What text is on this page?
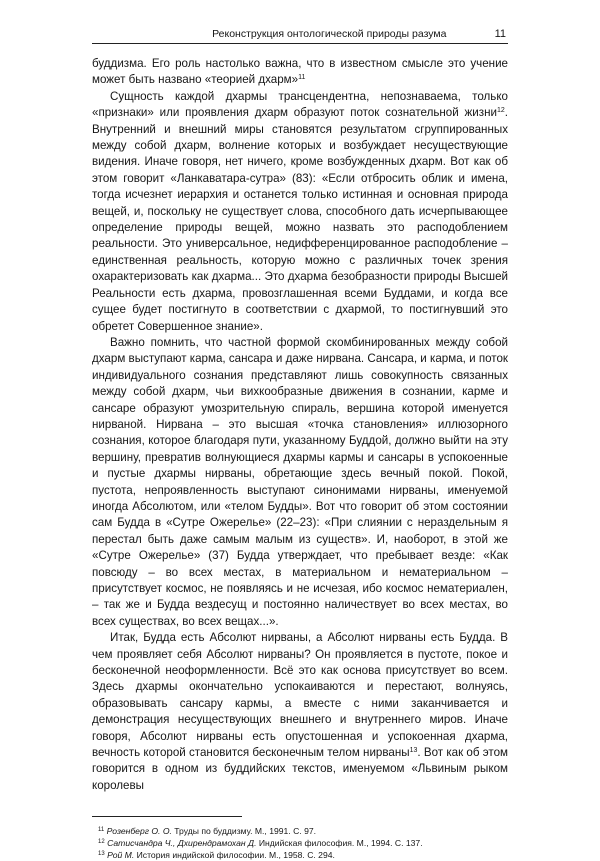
Реконструкция онтологической природы разума	11

буддизма. Его роль настолько важна, что в известном смысле это учение может быть названо «теорией дхарм»$^{11}$

Сущность каждой дхармы трансцендентна, непознаваема, только «признаки» или проявления дхарм образуют поток сознательной жизни$^{12}$. Внутренний и внешний миры становятся результатом сгруппированных между собой дхарм, волнение которых и возбуждает несуществующие видения. Иначе говоря, нет ничего, кроме возбужденных дхарм. Вот как об этом говорит «Ланкаватара-сутра» (83): «Если отбросить облик и имена, тогда исчезнет иерархия и останется только истинная и основная природа вещей, и, поскольку не существует слова, способного дать исчерпывающее определение природы вещей, можно назвать это расподоблением реальности. Это универсальное, недифференцированное расподобление – единственная реальность, которую можно с различных точек зрения охарактеризовать как дхарма... Это дхарма безобразности природы Высшей Реальности есть дхарма, провозглашенная всеми Буддами, и когда все сущее будет постигнуто в соответствии с дхармой, то постигнувший это обретет Совершенное знание».

Важно помнить, что частной формой скомбинированных между собой дхарм выступают карма, сансара и даже нирвана. Сансара, и карма, и поток индивидуального сознания представляют лишь совокупность связанных между собой дхарм, чьи вихкообразные движения в сознании, карме и сансаре образуют умозрительную спираль, вершина которой именуется нирваной. Нирвана – это высшая «точка становления» иллюзорного сознания, которое благодаря пути, указанному Буддой, должно выйти на эту вершину, превратив волнующиеся дхармы кармы и сансары в успокоенные и пустые дхармы нирваны, обретающие здесь вечный покой. Покой, пустота, непроявленность выступают синонимами нирваны, именуемой иногда Абсолютом, или «телом Будды». Вот что говорит об этом состоянии сам Будда в «Сутре Ожерелье» (22–23): «При слиянии с нераздельным я перестал быть даже самым малым из существ». И, наоборот, в этой же «Сутре Ожерелье» (37) Будда утверждает, что пребывает везде: «Как повсюду – во всех местах, в материальном и нематериальном – присутствует космос, не появляясь и не исчезая, ибо космос нематериален, – так же и Будда вездесущ и постоянно наличествует во всех местах, во всех существах, во всех вещах...».

Итак, Будда есть Абсолют нирваны, а Абсолют нирваны есть Будда. В чем проявляет себя Абсолют нирваны? Он проявляется в пустоте, покое и бесконечной неоформленности. Всё это как основа присутствует во всем. Здесь дхармы окончательно успокаиваются и перестают, волнуясь, образовывать сансару кармы, а вместе с ними заканчивается и демонстрация несуществующих внешнего и внутреннего миров. Иначе говоря, Абсолют нирваны есть опустошенная и успокоенная дхарма, вечность которой становится бесконечным телом нирваны$^{13}$. Вот как об этом говорится в одном из буддийских текстов, именуемом «Львиным рыком королевы

$^{11}$ Розенберг О. О. Труды по буддизму. М., 1991. С. 97.
$^{12}$ Сатисчандра Ч., Дхирендрамохан Д. Индийская философия. М., 1994. С. 137.
$^{13}$ Рой М. История индийской философии. М., 1958. С. 294.
